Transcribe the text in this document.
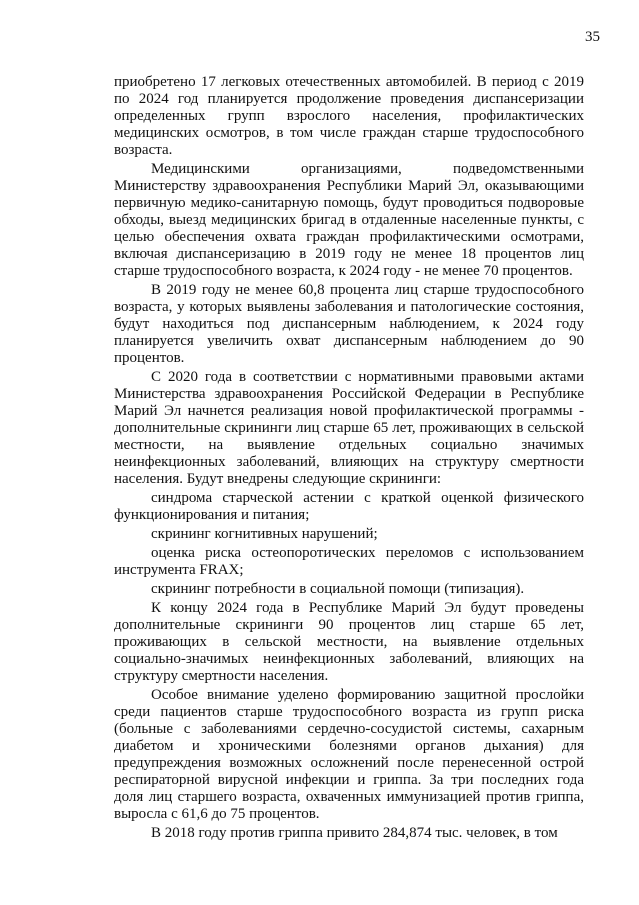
35

приобретено 17 легковых отечественных автомобилей. В период с 2019 по 2024 год планируется продолжение проведения диспансеризации определенных групп взрослого населения, профилактических медицинских осмотров, в том числе граждан старше трудоспособного возраста.

Медицинскими организациями, подведомственными Министерству здравоохранения Республики Марий Эл, оказывающими первичную медико-санитарную помощь, будут проводиться подворовые обходы, выезд медицинских бригад в отдаленные населенные пункты, с целью обеспечения охвата граждан профилактическими осмотрами, включая диспансеризацию в 2019 году не менее 18 процентов лиц старше трудоспособного возраста, к 2024 году - не менее 70 процентов.

В 2019 году не менее 60,8 процента лиц старше трудоспособного возраста, у которых выявлены заболевания и патологические состояния, будут находиться под диспансерным наблюдением, к 2024 году планируется увеличить охват диспансерным наблюдением до 90 процентов.

С 2020 года в соответствии с нормативными правовыми актами Министерства здравоохранения Российской Федерации в Республике Марий Эл начнется реализация новой профилактической программы - дополнительные скрининги лиц старше 65 лет, проживающих в сельской местности, на выявление отдельных социально значимых неинфекционных заболеваний, влияющих на структуру смертности населения. Будут внедрены следующие скрининги:

синдрома старческой астении с краткой оценкой физического функционирования и питания;

скрининг когнитивных нарушений;

оценка риска остеопоротических переломов с использованием инструмента FRAX;

скрининг потребности в социальной помощи (типизация).

К концу 2024 года в Республике Марий Эл будут проведены дополнительные скрининги 90 процентов лиц старше 65 лет, проживающих в сельской местности, на выявление отдельных социально-значимых неинфекционных заболеваний, влияющих на структуру смертности населения.

Особое внимание уделено формированию защитной прослойки среди пациентов старше трудоспособного возраста из групп риска (больные с заболеваниями сердечно-сосудистой системы, сахарным диабетом и хроническими болезнями органов дыхания) для предупреждения возможных осложнений после перенесенной острой респираторной вирусной инфекции и гриппа. За три последних года доля лиц старшего возраста, охваченных иммунизацией против гриппа, выросла с 61,6 до 75 процентов.

В 2018 году против гриппа привито 284,874 тыс. человек, в том
